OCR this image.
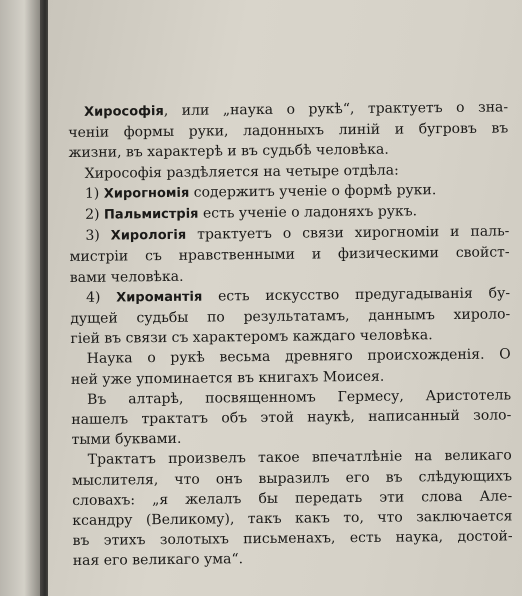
Хирософія, или „наука о рукѣ“, трактуетъ о зна-
ченіи формы руки, ладонныхъ линій и бугровъ въ
жизни, въ характерѣ и въ судьбѣ человѣка.
Хирософія раздѣляется на четыре отдѣла:
1) Хирогномія содержитъ ученіе о формѣ руки.
2) Пальмистрія есть ученіе о ладоняхъ рукъ.
3) Хирологія трактуетъ о связи хирогноміи и паль-
мистріи съ нравственными и физическими свойст-
вами человѣка.
4) Хиромантія есть искусство предугадыванія бу-
дущей судьбы по результатамъ, даннымъ хироло-
гіей въ связи съ характеромъ каждаго человѣка.
Наука о рукѣ весьма древняго происхожденія. О
ней уже упоминается въ книгахъ Моисея.
Въ алтарѣ, посвященномъ Гермесу, Аристотель
нашелъ трактатъ объ этой наукѣ, написанный золо-
тыми буквами.
Трактатъ произвелъ такое впечатлѣніе на великаго
мыслителя, что онъ выразилъ его въ слѣдующихъ
словахъ: „я желалъ бы передать эти слова Але-
ксандру (Великому), такъ какъ то, что заключается
въ этихъ золотыхъ письменахъ, есть наука, достой-
ная его великаго ума“.
